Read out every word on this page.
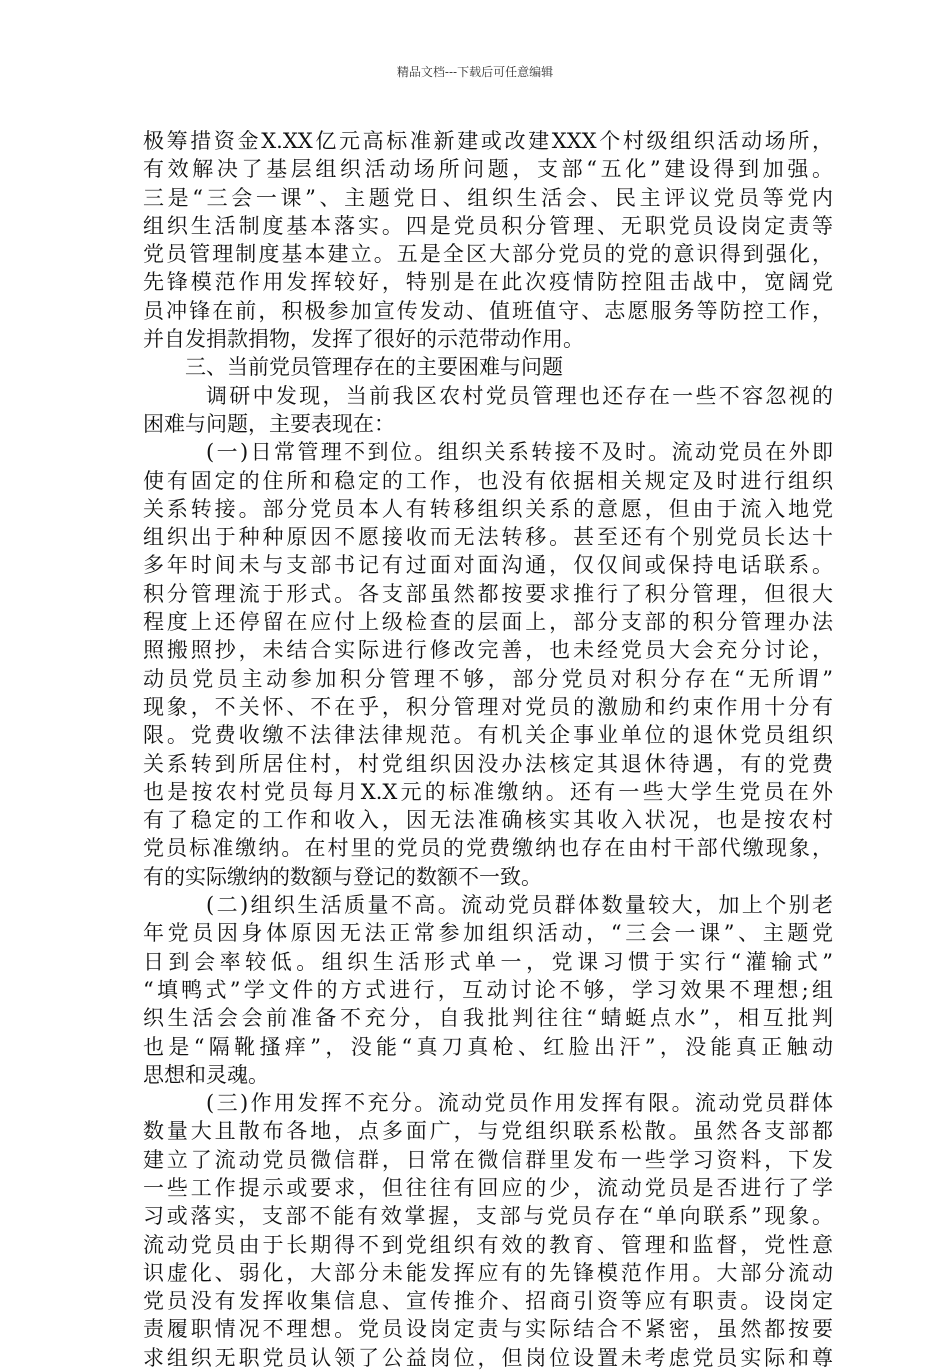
精品文档---下载后可任意编辑
极筹措资金X.XX亿元高标准新建或改建XXX个村级组织活动场所，
有效解决了基层组织活动场所问题，支部“五化”建设得到加强。
三是“三会一课”、主题党日、组织生活会、民主评议党员等党内
组织生活制度基本落实。四是党员积分管理、无职党员设岗定责等
党员管理制度基本建立。五是全区大部分党员的党的意识得到强化，
先锋模范作用发挥较好，特别是在此次疫情防控阻击战中，宽阔党
员冲锋在前，积极参加宣传发动、值班值守、志愿服务等防控工作，
并自发捐款捐物，发挥了很好的示范带动作用。
三、当前党员管理存在的主要困难与问题
调研中发现，当前我区农村党员管理也还存在一些不容忽视的
困难与问题，主要表现在：
(一)日常管理不到位。组织关系转接不及时。流动党员在外即
使有固定的住所和稳定的工作，也没有依据相关规定及时进行组织
关系转接。部分党员本人有转移组织关系的意愿，但由于流入地党
组织出于种种原因不愿接收而无法转移。甚至还有个别党员长达十
多年时间未与支部书记有过面对面沟通，仅仅间或保持电话联系。
积分管理流于形式。各支部虽然都按要求推行了积分管理，但很大
程度上还停留在应付上级检查的层面上，部分支部的积分管理办法
照搬照抄，未结合实际进行修改完善，也未经党员大会充分讨论，
动员党员主动参加积分管理不够，部分党员对积分存在“无所谓”
现象，不关怀、不在乎，积分管理对党员的激励和约束作用十分有
限。党费收缴不法律法律规范。有机关企事业单位的退休党员组织
关系转到所居住村，村党组织因没办法核定其退休待遇，有的党费
也是按农村党员每月X.X元的标准缴纳。还有一些大学生党员在外
有了稳定的工作和收入，因无法准确核实其收入状况，也是按农村
党员标准缴纳。在村里的党员的党费缴纳也存在由村干部代缴现象，
有的实际缴纳的数额与登记的数额不一致。
(二)组织生活质量不高。流动党员群体数量较大，加上个别老
年党员因身体原因无法正常参加组织活动，“三会一课”、主题党
日到会率较低。组织生活形式单一，党课习惯于实行“灌输式”
“填鸭式”学文件的方式进行，互动讨论不够，学习效果不理想;组
织生活会会前准备不充分，自我批判往往“蜻蜓点水”，相互批判
也是“隔靴搔痒”，没能“真刀真枪、红脸出汗”，没能真正触动
思想和灵魂。
(三)作用发挥不充分。流动党员作用发挥有限。流动党员群体
数量大且散布各地，点多面广，与党组织联系松散。虽然各支部都
建立了流动党员微信群，日常在微信群里发布一些学习资料，下发
一些工作提示或要求，但往往有回应的少，流动党员是否进行了学
习或落实，支部不能有效掌握，支部与党员存在“单向联系”现象。
流动党员由于长期得不到党组织有效的教育、管理和监督，党性意
识虚化、弱化，大部分未能发挥应有的先锋模范作用。大部分流动
党员没有发挥收集信息、宣传推介、招商引资等应有职责。设岗定
责履职情况不理想。党员设岗定责与实际结合不紧密，虽然都按要
求组织无职党员认领了公益岗位，但岗位设置未考虑党员实际和尊
